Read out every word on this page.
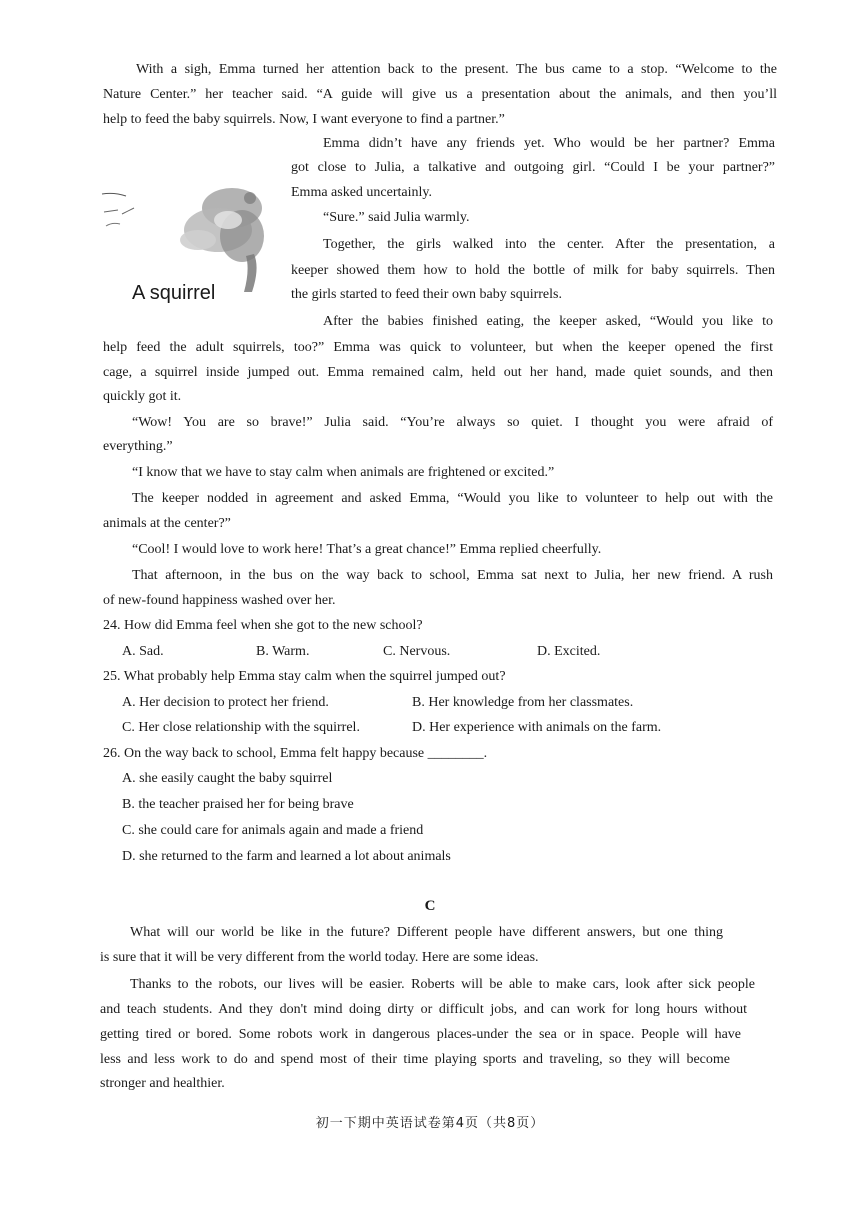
With a sigh, Emma turned her attention back to the present. The bus came to a stop. “Welcome to the
Nature Center.” her teacher said. “A guide will give us a presentation about the animals, and then you’ll
help to feed the baby squirrels. Now, I want everyone to find a partner.”
Emma didn’t have any friends yet. Who would be her partner? Emma
got close to Julia, a talkative and outgoing girl. “Could I be your partner?”
Emma asked uncertainly.
“Sure.” said Julia warmly.
Together, the girls walked into the center. After the presentation, a
keeper showed them how to hold the bottle of milk for baby squirrels. Then
the girls started to feed their own baby squirrels.
A squirrel
After the babies finished eating, the keeper asked, “Would you like to
help feed the adult squirrels, too?” Emma was quick to volunteer, but when the keeper opened the first
cage, a squirrel inside jumped out. Emma remained calm, held out her hand, made quiet sounds, and then
quickly got it.
“Wow! You are so brave!” Julia said. “You’re always so quiet. I thought you were afraid of
everything.”
“I know that we have to stay calm when animals are frightened or excited.”
The keeper nodded in agreement and asked Emma, “Would you like to volunteer to help out with the
animals at the center?”
“Cool! I would love to work here! That’s a great chance!” Emma replied cheerfully.
That afternoon, in the bus on the way back to school, Emma sat next to Julia, her new friend. A rush
of new-found happiness washed over her.
24. How did Emma feel when she got to the new school?
A. Sad.	B. Warm.	C. Nervous.	D. Excited.
25. What probably help Emma stay calm when the squirrel jumped out?
A. Her decision to protect her friend.	B. Her knowledge from her classmates.
C. Her close relationship with the squirrel.	D. Her experience with animals on the farm.
26. On the way back to school, Emma felt happy because ________.
A. she easily caught the baby squirrel
B. the teacher praised her for being brave
C. she could care for animals again and made a friend
D. she returned to the farm and learned a lot about animals
C
What will our world be like in the future? Different people have different answers, but one thing
is sure that it will be very different from the world today. Here are some ideas.
Thanks to the robots, our lives will be easier. Roberts will be able to make cars, look after sick people
and teach students. And they don't mind doing dirty or difficult jobs, and can work for long hours without
getting tired or bored. Some robots work in dangerous places-under the sea or in space. People will have
less and less work to do and spend most of their time playing sports and traveling, so they will become
stronger and healthier.
初一下期中英语试卷第4页（共8页）
